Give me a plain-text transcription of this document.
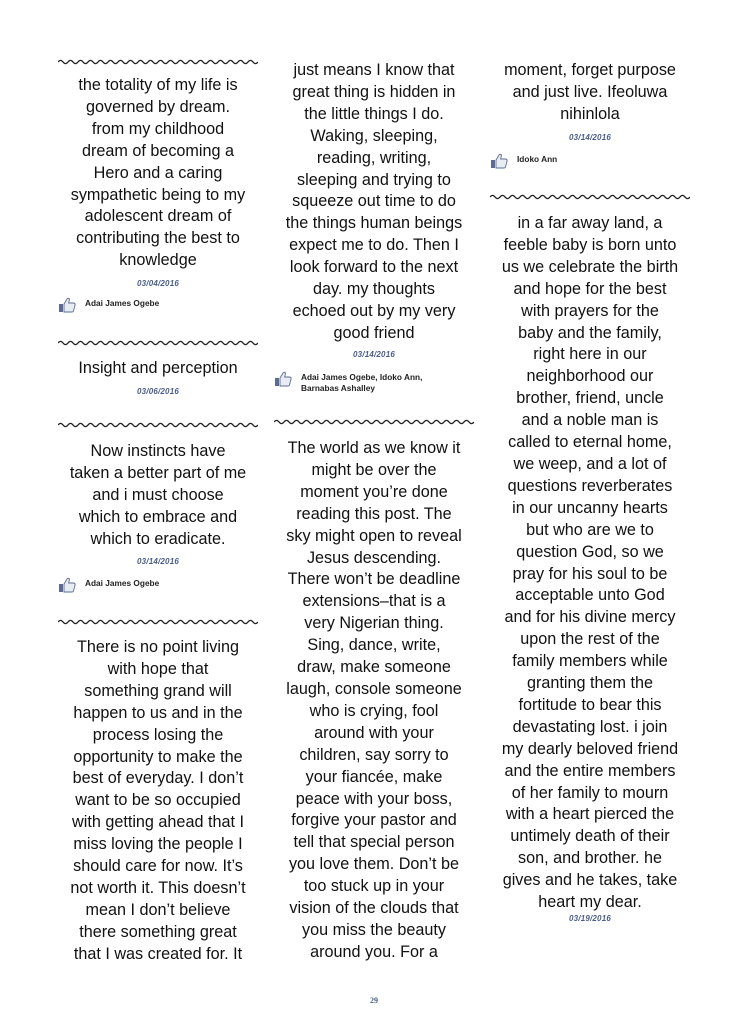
the totality of my life is
governed by dream.
from my childhood
dream of becoming a
Hero and a caring
sympathetic being to my
adolescent dream of
contributing the best to
knowledge

03/04/2016
Adai James Ogebe

Insight and perception

03/06/2016

Now instincts have
taken a better part of me
and i must choose
which to embrace and
which to eradicate.

03/14/2016
Adai James Ogebe

There is no point living
with hope that
something grand will
happen to us and in the
process losing the
opportunity to make the
best of everyday. I don’t
want to be so occupied
with getting ahead that I
miss loving the people I
should care for now. It’s
not worth it. This doesn’t
mean I don’t believe
there something great
that I was created for. It

just means I know that
great thing is hidden in
the little things I do.
Waking, sleeping,
reading, writing,
sleeping and trying to
squeeze out time to do
the things human beings
expect me to do. Then I
look forward to the next
day. my thoughts
echoed out by my very
good friend

03/14/2016
Adai James Ogebe, Idoko Ann,
Barnabas Ashalley

The world as we know it
might be over the
moment you’re done
reading this post. The
sky might open to reveal
Jesus descending.
There won’t be deadline
extensions–that is a
very Nigerian thing.
Sing, dance, write,
draw, make someone
laugh, console someone
who is crying, fool
around with your
children, say sorry to
your fiancée, make
peace with your boss,
forgive your pastor and
tell that special person
you love them. Don’t be
too stuck up in your
vision of the clouds that
you miss the beauty
around you. For a

moment, forget purpose
and just live. Ifeoluwa
nihinlola

03/14/2016
Idoko Ann

in a far away land, a
feeble baby is born unto
us we celebrate the birth
and hope for the best
with prayers for the
baby and the family,
right here in our
neighborhood our
brother, friend, uncle
and a noble man is
called to eternal home,
we weep, and a lot of
questions reverberates
in our uncanny hearts
but who are we to
question God, so we
pray for his soul to be
acceptable unto God
and for his divine mercy
upon the rest of the
family members while
granting them the
fortitude to bear this
devastating lost. i join
my dearly beloved friend
and the entire members
of her family to mourn
with a heart pierced the
untimely death of their
son, and brother. he
gives and he takes, take
heart my dear.

03/19/2016
29
